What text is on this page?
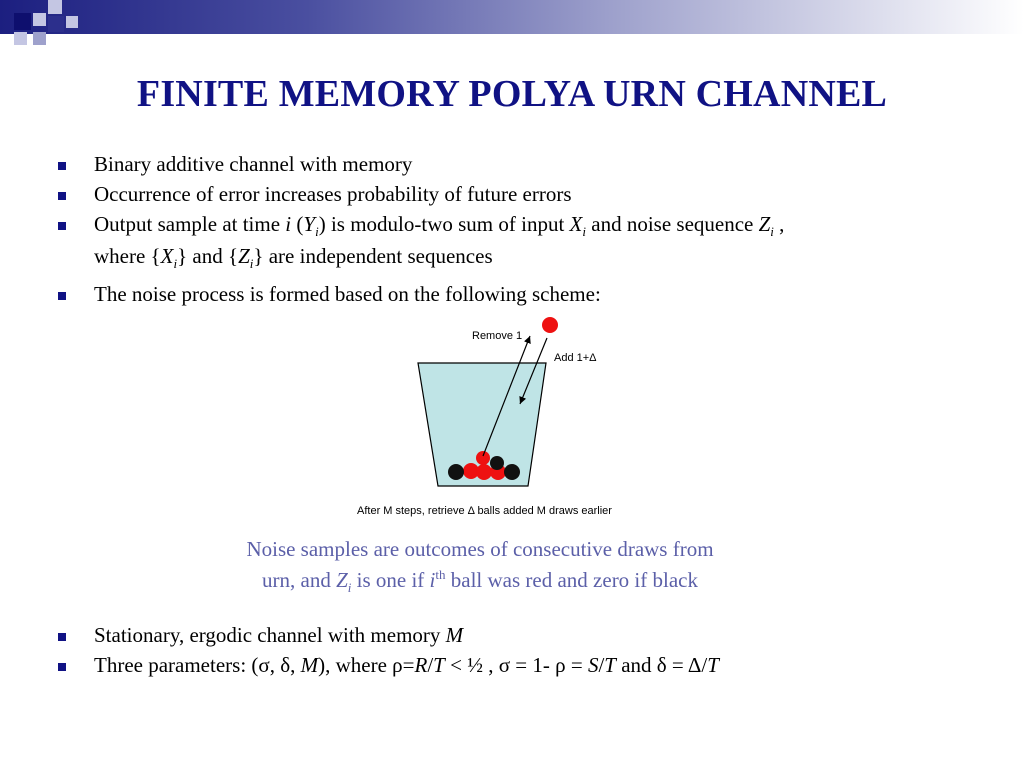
FINITE MEMORY POLYA URN CHANNEL
Binary additive channel with memory
Occurrence of error increases probability of future errors
Output sample at time i $(Y_i)$ is modulo-two sum of input $X_i$ and noise sequence $Z_i$ ,
where $\{X_i\}$ and $\{Z_i\}$ are independent sequences
The noise process is formed based on the following scheme:
Remove 1
Add 1+Δ
After M steps, retrieve Δ balls added M draws earlier
Noise samples are outcomes of consecutive draws from
urn, and $Z_i$ is one if $i^{th}$ ball was red and zero if black
Stationary, ergodic channel with memory M
Three parameters: (σ, δ, M), where ρ=R/T < ½ , σ = 1- ρ = S/T and δ = Δ/T
